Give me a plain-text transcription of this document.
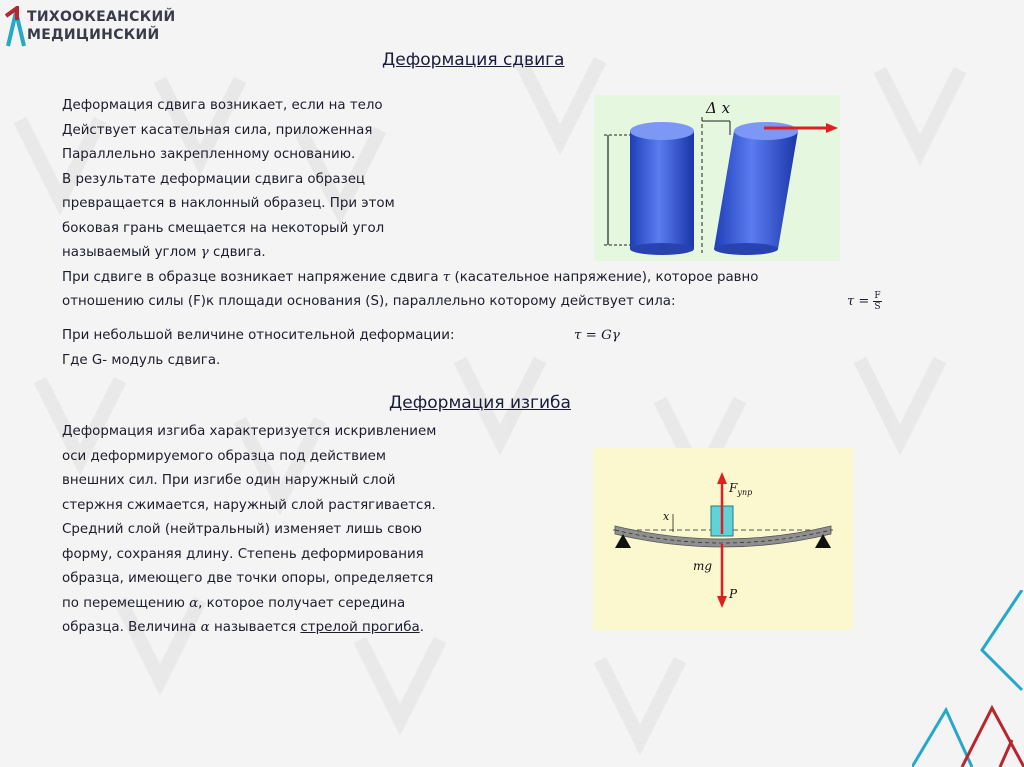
ТИХООКЕАНСКИЙ
МЕДИЦИНСКИЙ
Деформация сдвига
Деформация сдвига возникает, если на тело
Действует касательная сила, приложенная
Параллельно закрепленному основанию.
В результате деформации сдвига образец
превращается в наклонный образец. При этом
боковая грань смещается на некоторый угол
называемый углом γ сдвига.
При сдвиге в образце возникает напряжение сдвига τ (касательное напряжение), которое равно
отношению силы (F)к площади основания (S), параллельно которому действует сила:	$\tau = \frac{F}{S}$
При небольшой величине относительной деформации:
Где G- модуль сдвига.
τ = Gγ
Δ x
Деформация изгиба
Деформация изгиба характеризуется искривлением
оси деформируемого образца под действием
внешних сил. При изгибе один наружный слой
стержня сжимается, наружный слой растягивается.
Средний слой (нейтральный) изменяет лишь свою
форму, сохраняя длину. Степень деформирования
образца, имеющего две точки опоры, определяется
по перемещению α, которое получает середина
образца. Величина α называется стрелой прогиба.
x
$F_{упр}$
mg
P
